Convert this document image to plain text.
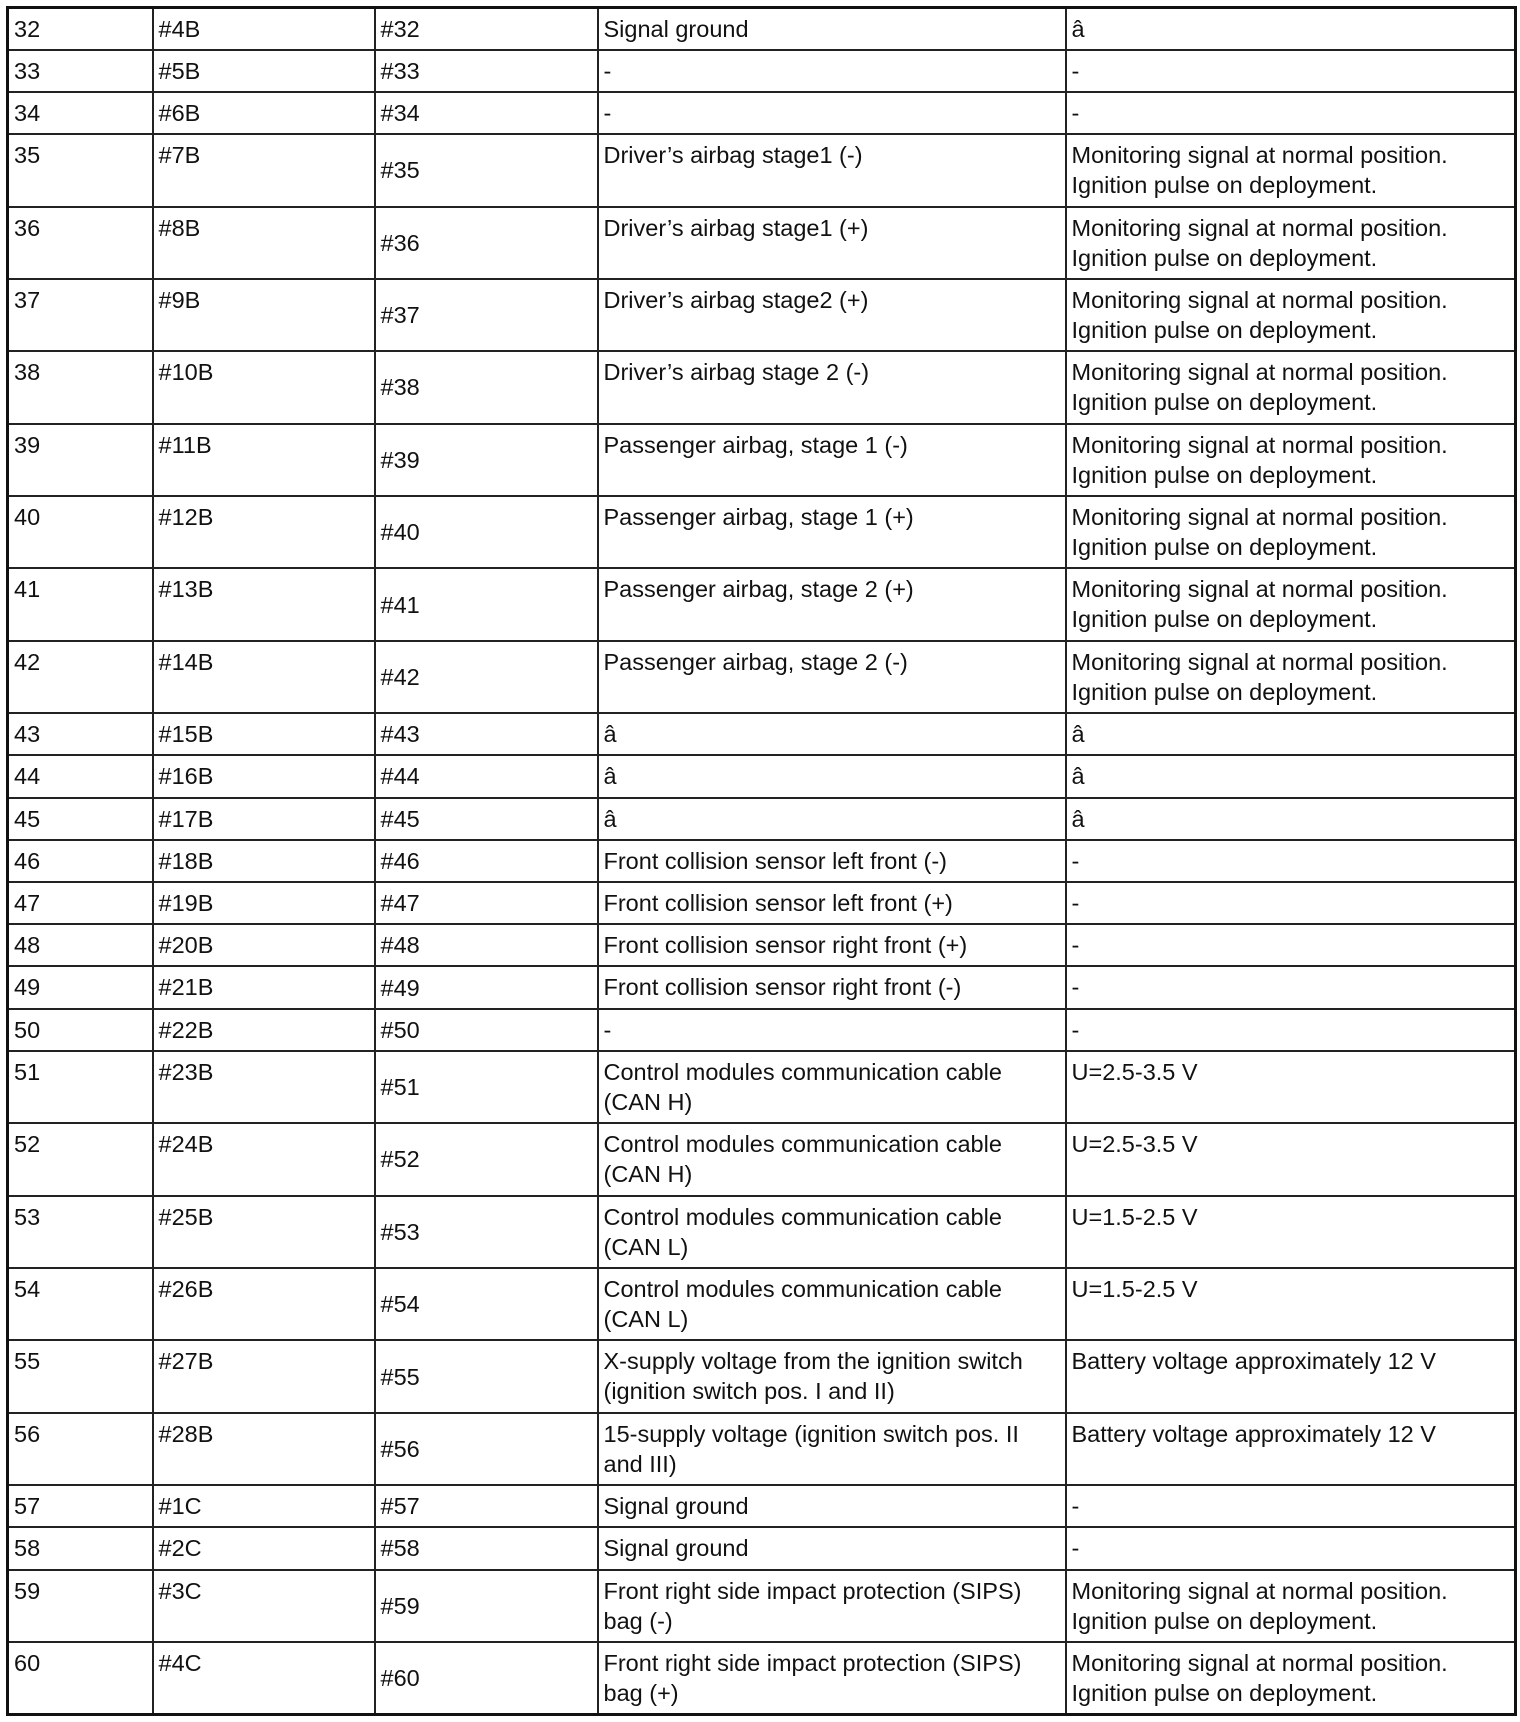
32	#4B	#32	Signal ground	â
33	#5B	#33	-	-
34	#6B	#34	-	-
35	#7B	#35	Driver’s airbag stage1 (-)	Monitoring signal at normal position.
Ignition pulse on deployment.
36	#8B	#36	Driver’s airbag stage1 (+)	Monitoring signal at normal position.
Ignition pulse on deployment.
37	#9B	#37	Driver’s airbag stage2 (+)	Monitoring signal at normal position.
Ignition pulse on deployment.
38	#10B	#38	Driver’s airbag stage 2 (-)	Monitoring signal at normal position.
Ignition pulse on deployment.
39	#11B	#39	Passenger airbag, stage 1 (-)	Monitoring signal at normal position.
Ignition pulse on deployment.
40	#12B	#40	Passenger airbag, stage 1 (+)	Monitoring signal at normal position.
Ignition pulse on deployment.
41	#13B	#41	Passenger airbag, stage 2 (+)	Monitoring signal at normal position.
Ignition pulse on deployment.
42	#14B	#42	Passenger airbag, stage 2 (-)	Monitoring signal at normal position.
Ignition pulse on deployment.
43	#15B	#43	â	â
44	#16B	#44	â	â
45	#17B	#45	â	â
46	#18B	#46	Front collision sensor left front (-)	-
47	#19B	#47	Front collision sensor left front (+)	-
48	#20B	#48	Front collision sensor right front (+)	-
49	#21B	#49	Front collision sensor right front (-)	-
50	#22B	#50	-	-
51	#23B	#51	Control modules communication cable
(CAN H)	U=2.5-3.5 V
52	#24B	#52	Control modules communication cable
(CAN H)	U=2.5-3.5 V
53	#25B	#53	Control modules communication cable
(CAN L)	U=1.5-2.5 V
54	#26B	#54	Control modules communication cable
(CAN L)	U=1.5-2.5 V
55	#27B	#55	X-supply voltage from the ignition switch
(ignition switch pos. I and II)	Battery voltage approximately 12 V
56	#28B	#56	15-supply voltage (ignition switch pos. II
and III)	Battery voltage approximately 12 V
57	#1C	#57	Signal ground	-
58	#2C	#58	Signal ground	-
59	#3C	#59	Front right side impact protection (SIPS)
bag (-)	Monitoring signal at normal position.
Ignition pulse on deployment.
60	#4C	#60	Front right side impact protection (SIPS)
bag (+)	Monitoring signal at normal position.
Ignition pulse on deployment.
